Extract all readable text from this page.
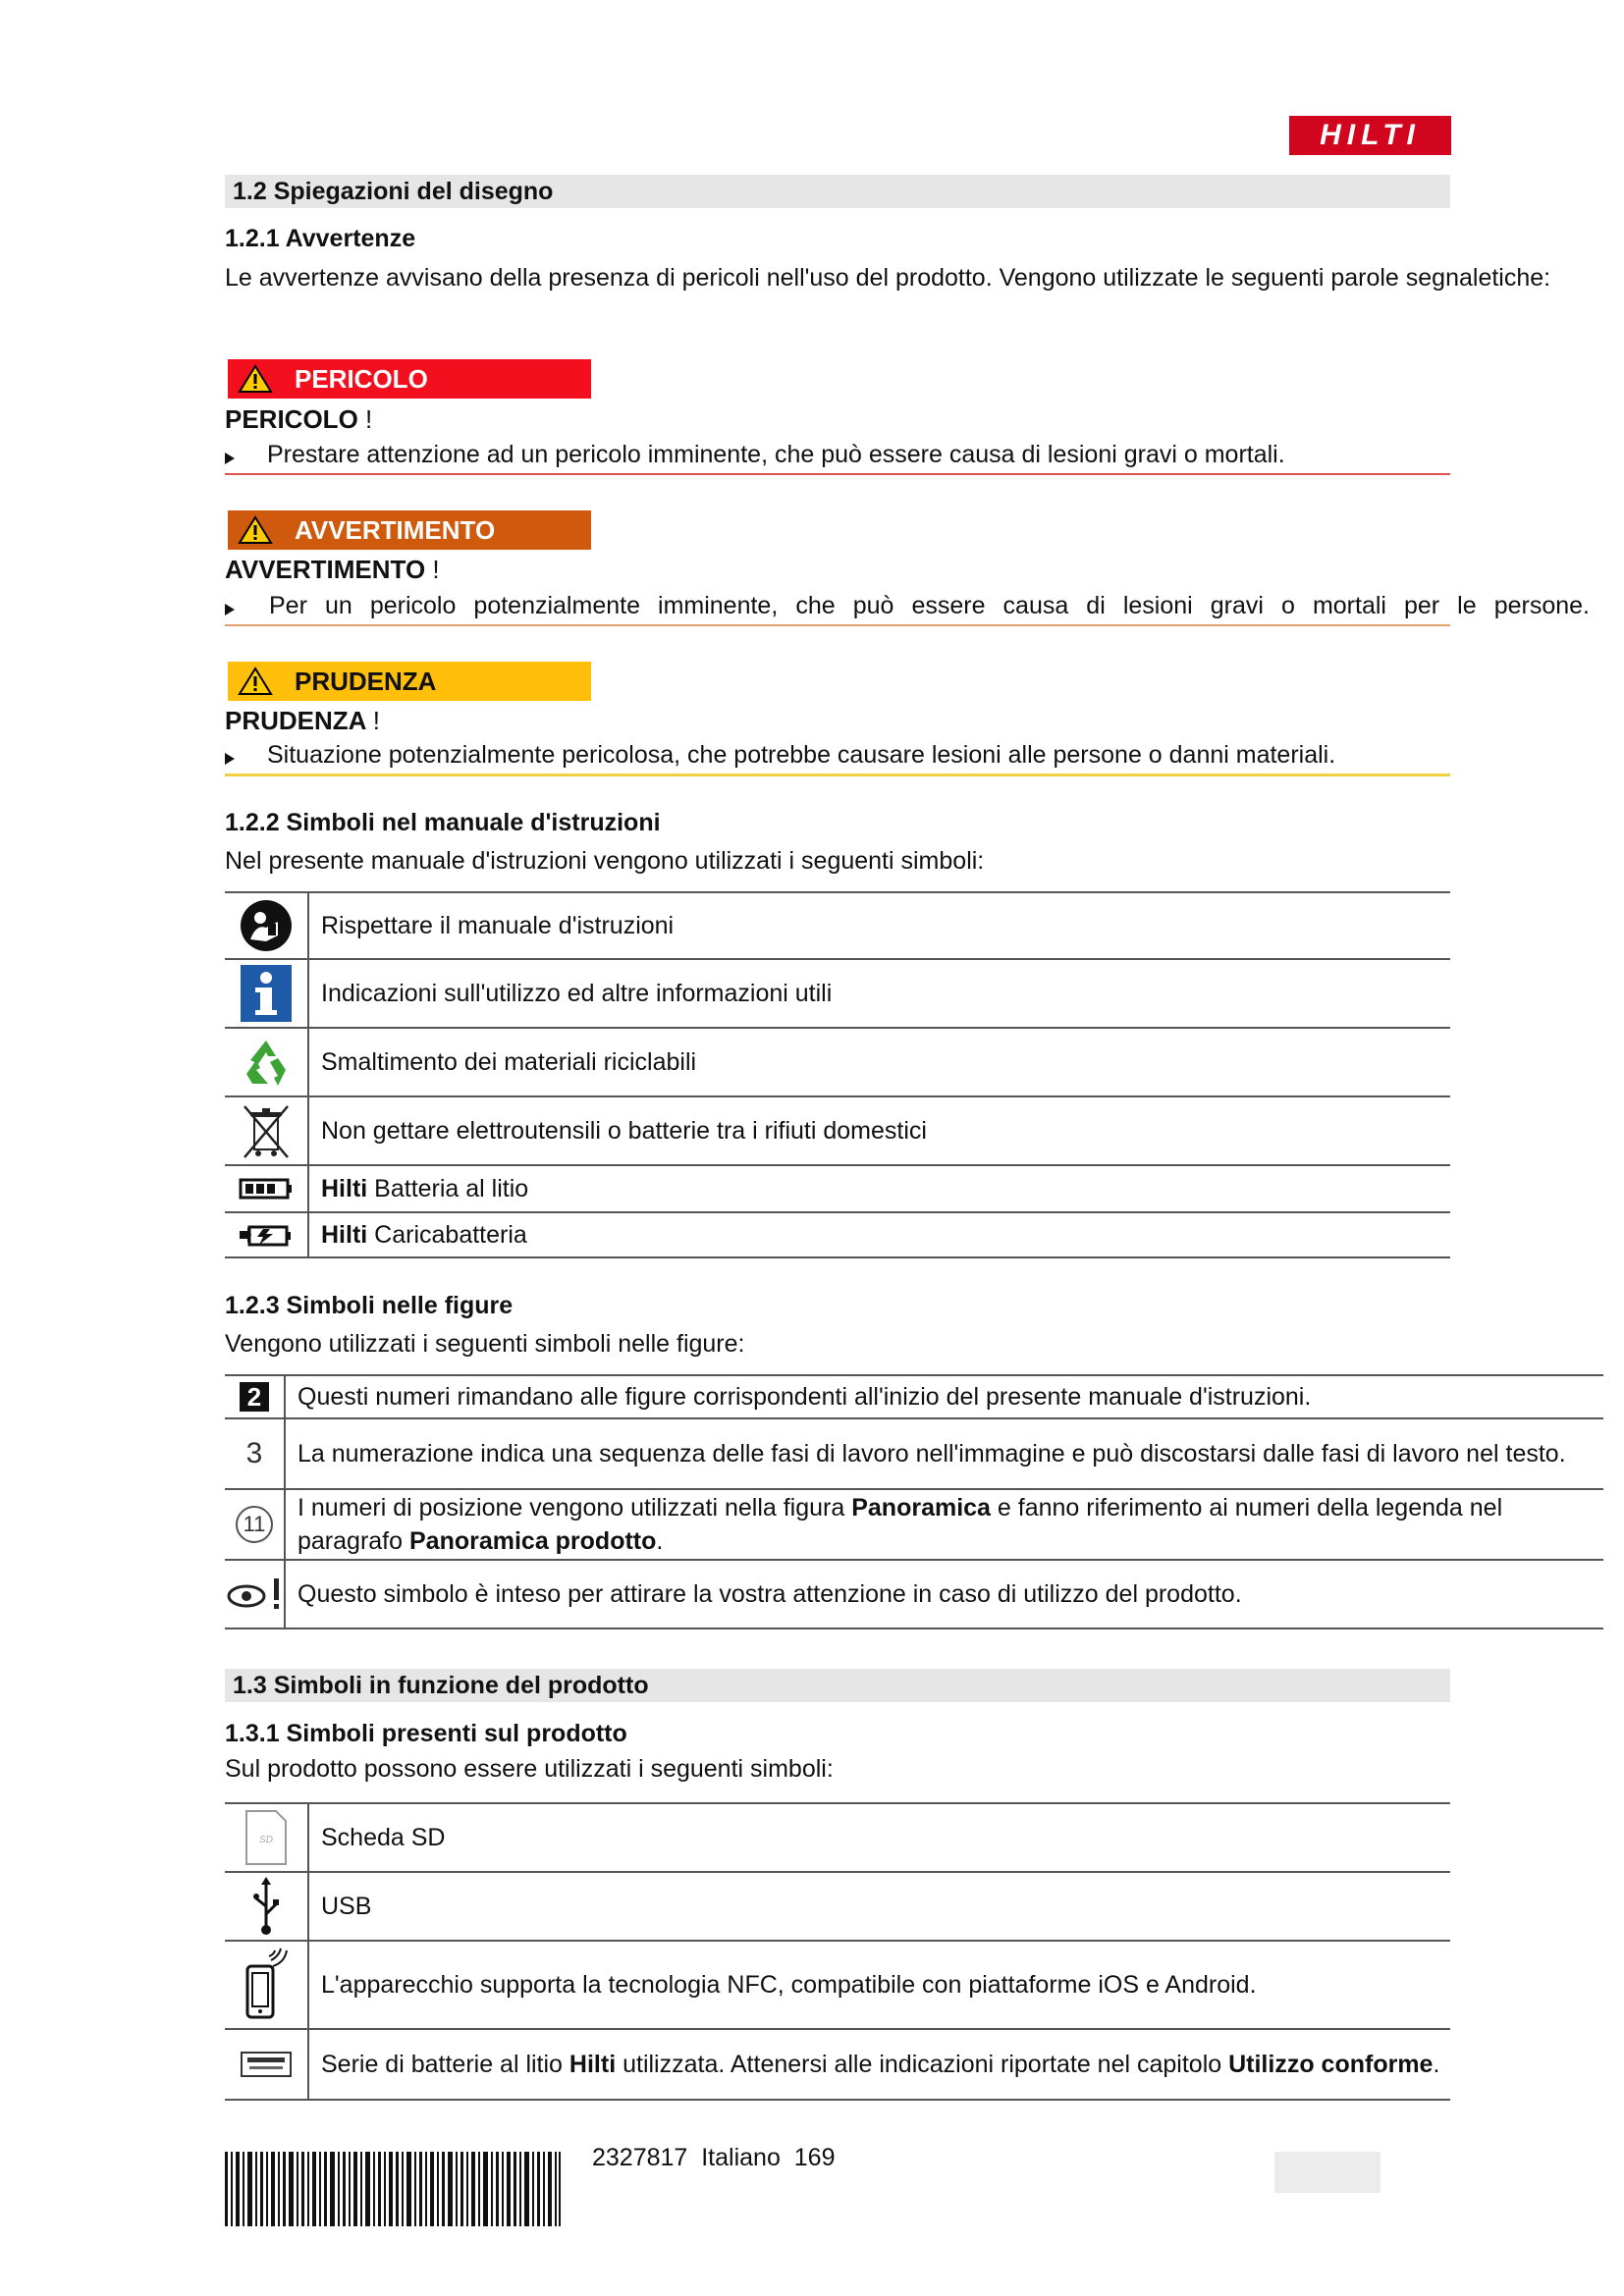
HILTI
1.2 Spiegazioni del disegno
1.2.1 Avvertenze
Le avvertenze avvisano della presenza di pericoli nell'uso del prodotto. Vengono utilizzate le seguenti parole segnaletiche:
PERICOLO
PERICOLO !
Prestare attenzione ad un pericolo imminente, che può essere causa di lesioni gravi o mortali.
AVVERTIMENTO
AVVERTIMENTO !
Per un pericolo potenzialmente imminente, che può essere causa di lesioni gravi o mortali per le persone.
PRUDENZA
PRUDENZA !
Situazione potenzialmente pericolosa, che potrebbe causare lesioni alle persone o danni materiali.
1.2.2 Simboli nel manuale d'istruzioni
Nel presente manuale d'istruzioni vengono utilizzati i seguenti simboli:
	Rispettare il manuale d'istruzioni

	Indicazioni sull'utilizzo ed altre informazioni utili

	Smaltimento dei materiali riciclabili

	Non gettare elettroutensili o batterie tra i rifiuti domestici

	Hilti Batteria al litio

	Hilti Caricabatteria
1.2.3 Simboli nelle figure
Vengono utilizzati i seguenti simboli nelle figure:
2	Questi numeri rimandano alle figure corrispondenti all'inizio del presente manuale d'istruzioni.
3	La numerazione indica una sequenza delle fasi di lavoro nell'immagine e può discostarsi dalle fasi di lavoro nel testo.

11	I numeri di posizione vengono utilizzati nella figura Panoramica e fanno riferimento ai numeri della legenda nel paragrafo Panoramica prodotto.

	Questo simbolo è inteso per attirare la vostra attenzione in caso di utilizzo del prodotto.
1.3 Simboli in funzione del prodotto
1.3.1 Simboli presenti sul prodotto
Sul prodotto possono essere utilizzati i seguenti simboli:
SD	Scheda SD

	USB

	L'apparecchio supporta la tecnologia NFC, compatibile con piattaforme iOS e Android.

	Serie di batterie al litio Hilti utilizzata. Attenersi alle indicazioni riportate nel capitolo Utilizzo conforme.
2327817 Italiano 169
